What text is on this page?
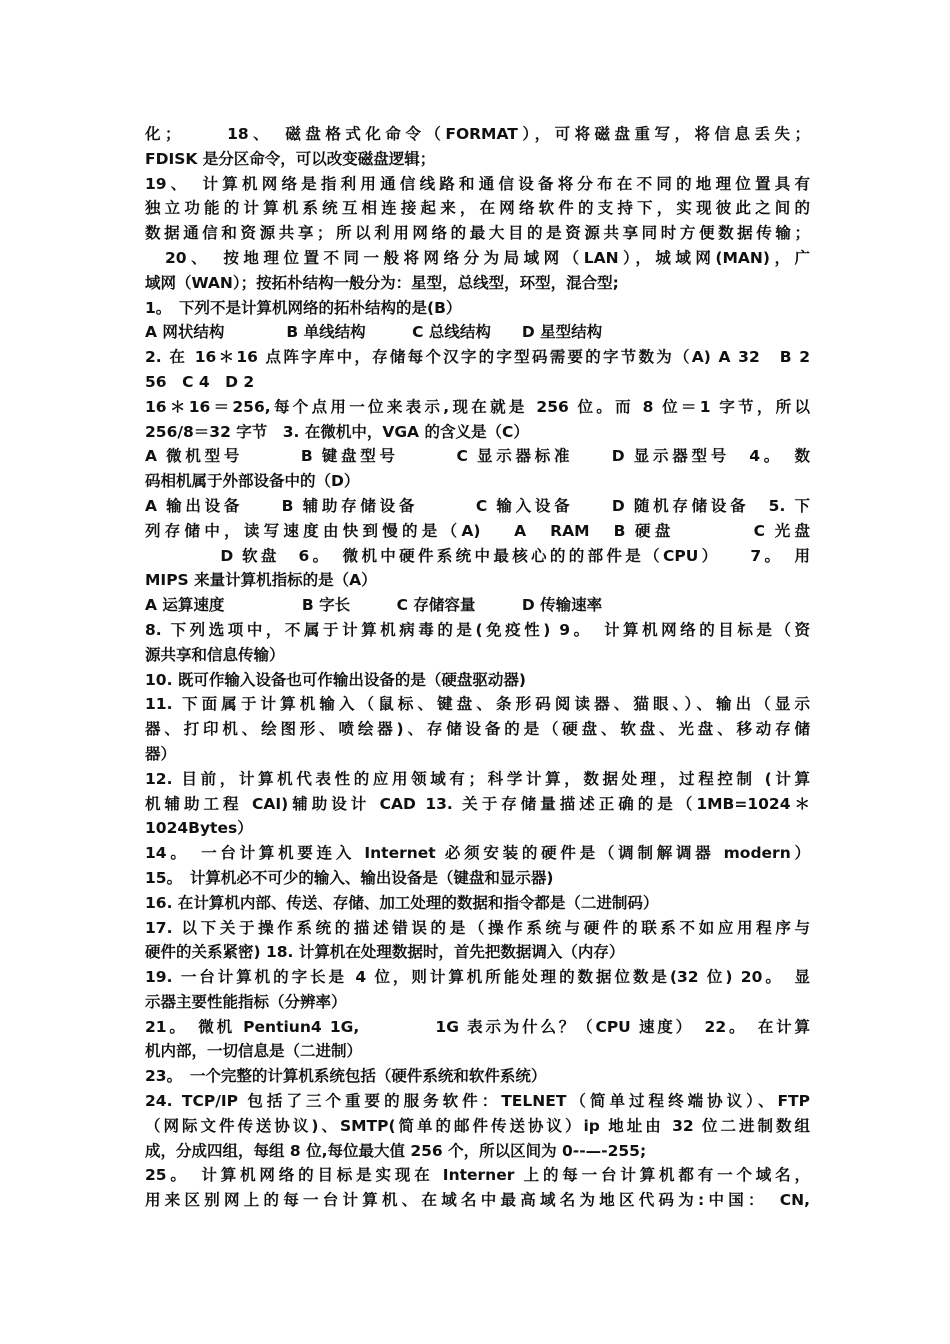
化；　　 18、　磁盘格式化命令（FORMAT），可将磁盘重写，将信息丢失；
FDISK 是分区命令，可以改变磁盘逻辑；
19、　计算机网络是指利用通信线路和通信设备将分布在不同的地理位置具有
独立功能的计算机系统互相连接起来，在网络软件的支持下，实现彼此之间的
数据通信和资源共享；所以利用网络的最大目的是资源共享同时方便数据传输；
　20、　按地理位置不同一般将网络分为局域网（LAN），城域网(MAN)，广
域网（WAN）；按拓朴结构一般分为：星型，总线型，环型，混合型;
1。　下列不是计算机网络的拓朴结构的是(B）
A 网状结构　　　　B 单线结构　　　C 总线结构　　D 星型结构
2. 在 16＊16 点阵字库中，存储每个汉字的字型码需要的字节数为（A) A 32　B 2
56　C 4　D 2
16＊16＝256,每个点用一位来表示,现在就是 256 位。而 8 位＝1 字节，所以
256/8＝32 字节　3. 在微机中，VGA 的含义是（C）
A 微机型号　　　B 键盘型号　　　C 显示器标准　　D 显示器型号　4。　数
码相机属于外部设备中的（D）
A 输出设备　　B 辅助存储设备　　　C 输入设备　　D 随机存储设备　5. 下
列存储中，读写速度由快到慢的是（A)　 A　RAM　B 硬盘　　　　C 光盘
　　　　D 软盘　6。　微机中硬件系统中最核心的的部件是（CPU）　　7。　用
MIPS 来量计算机指标的是（A）
A 运算速度　　　　　B 字长　　　C 存储容量　　　D 传输速率
8. 下列选项中，不属于计算机病毒的是(免疫性) 9。　计算机网络的目标是（资
源共享和信息传输）
10. 既可作输入设备也可作输出设备的是（硬盘驱动器)
11. 下面属于计算机输入（鼠标、键盘、条形码阅读器、猫眼、）、输出（显示
器、打印机、绘图形、喷绘器)、存储设备的是（硬盘、软盘、光盘、移动存储
器）
12. 目前，计算机代表性的应用领域有；科学计算，数据处理，过程控制 (计算
机辅助工程 CAI)辅助设计 CAD 13. 关于存储量描述正确的是（1MB=1024＊
1024Bytes）
14。　一台计算机要连入 Internet 必须安装的硬件是（调制解调器 modern）
15。　计算机必不可少的输入、输出设备是（键盘和显示器)
16. 在计算机内部、传送、存储、加工处理的数据和指令都是（二进制码）
17. 以下关于操作系统的描述错误的是（操作系统与硬件的联系不如应用程序与
硬件的关系紧密) 18. 计算机在处理数据时，首先把数据调入（内存）
19. 一台计算机的字长是 4 位，则计算机所能处理的数据位数是(32 位) 20。　显
示器主要性能指标（分辨率）
21。　微机 Pentiun4 1G,　　　　1G 表示为什么？（CPU 速度）　22。　在计算
机内部，一切信息是（二进制）
23。　一个完整的计算机系统包括（硬件系统和软件系统）
24. TCP/IP 包括了三个重要的服务软件：TELNET（简单过程终端协议）、FTP
（网际文件传送协议)、SMTP(简单的邮件传送协议）ip 地址由 32 位二进制数组
成，分成四组，每组 8 位,每位最大值 256 个，所以区间为 0--—-255;
25。　计算机网络的目标是实现在 Interner 上的每一台计算机都有一个域名，
用来区别网上的每一台计算机、在域名中最高域名为地区代码为:中国：　CN,
